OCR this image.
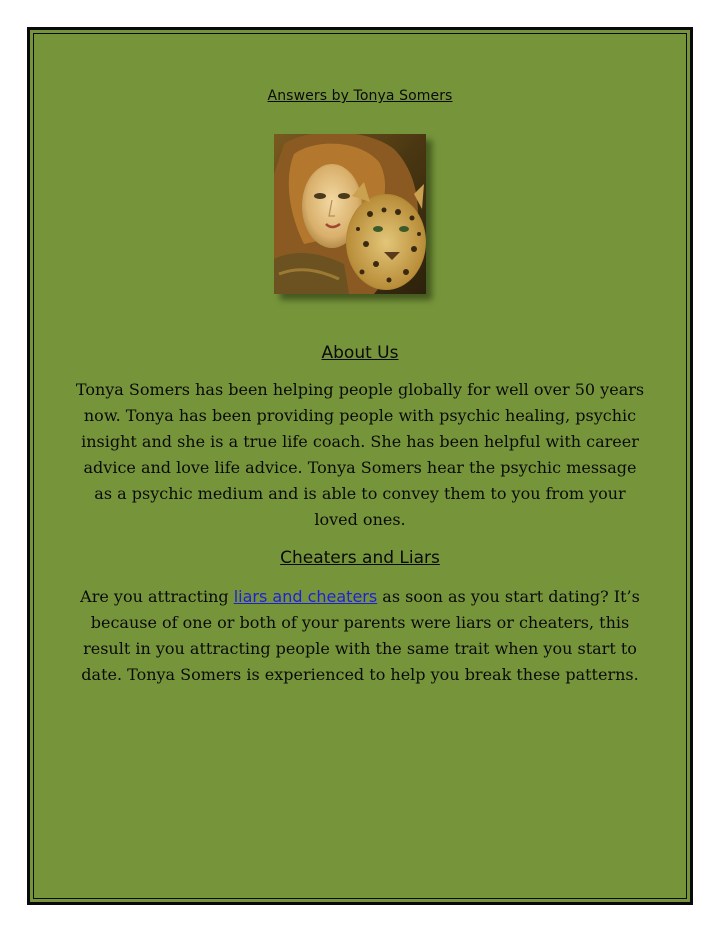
Answers by Tonya Somers
About Us
Tonya Somers has been helping people globally for well over 50 years now. Tonya has been providing people with psychic healing, psychic insight and she is a true life coach. She has been helpful with career advice and love life advice. Tonya Somers hear the psychic message as a psychic medium and is able to convey them to you from your loved ones.
Cheaters and Liars
Are you attracting liars and cheaters as soon as you start dating? It’s because of one or both of your parents were liars or cheaters, this result in you attracting people with the same trait when you start to date. Tonya Somers is experienced to help you break these patterns.
